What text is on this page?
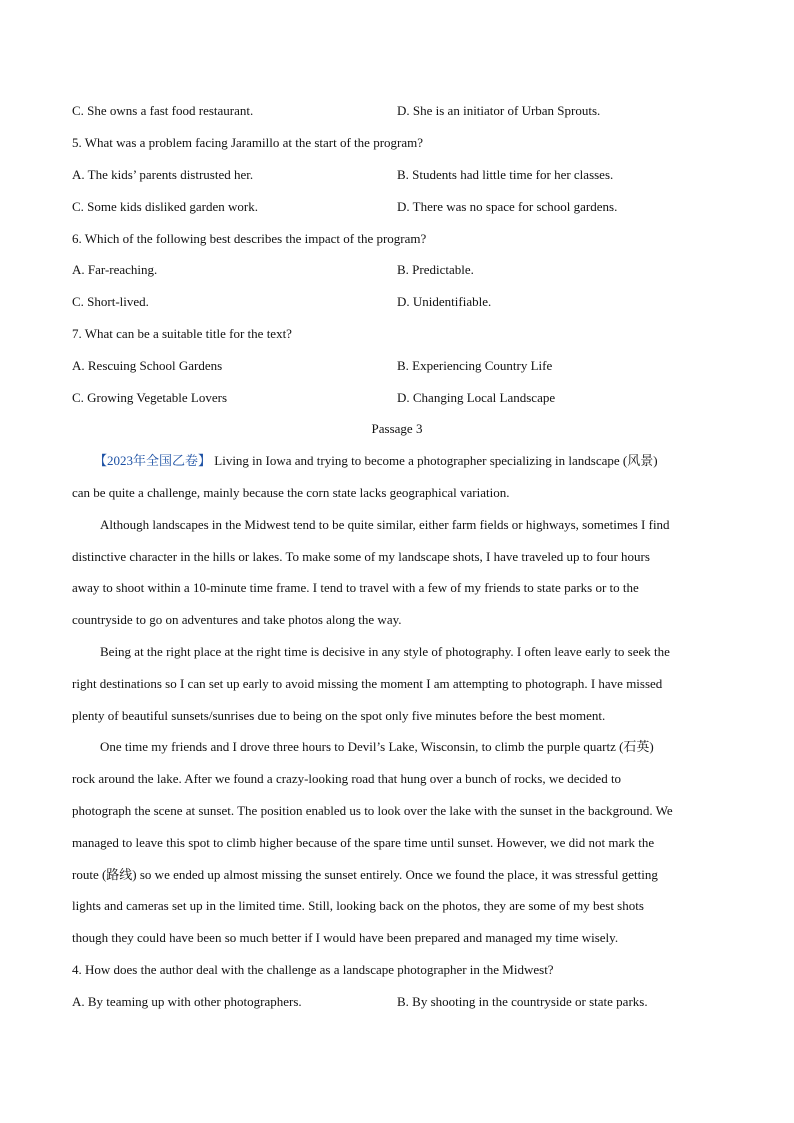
C. She owns a fast food restaurant.	D. She is an initiator of Urban Sprouts.
5. What was a problem facing Jaramillo at the start of the program?
A. The kids’ parents distrusted her.	B. Students had little time for her classes.
C. Some kids disliked garden work.	D. There was no space for school gardens.
6. Which of the following best describes the impact of the program?
A. Far-reaching.	B. Predictable.
C. Short-lived.	D. Unidentifiable.
7. What can be a suitable title for the text?
A. Rescuing School Gardens	B. Experiencing Country Life
C. Growing Vegetable Lovers	D. Changing Local Landscape
Passage 3
【2023年全国乙卷】 Living in Iowa and trying to become a photographer specializing in landscape (风景)
can be quite a challenge, mainly because the corn state lacks geographical variation.
Although landscapes in the Midwest tend to be quite similar, either farm fields or highways, sometimes I find
distinctive character in the hills or lakes. To make some of my landscape shots, I have traveled up to four hours
away to shoot within a 10-minute time frame. I tend to travel with a few of my friends to state parks or to the
countryside to go on adventures and take photos along the way.
Being at the right place at the right time is decisive in any style of photography. I often leave early to seek the
right destinations so I can set up early to avoid missing the moment I am attempting to photograph. I have missed
plenty of beautiful sunsets/sunrises due to being on the spot only five minutes before the best moment.
One time my friends and I drove three hours to Devil’s Lake, Wisconsin, to climb the purple quartz (石英)
rock around the lake. After we found a crazy-looking road that hung over a bunch of rocks, we decided to
photograph the scene at sunset. The position enabled us to look over the lake with the sunset in the background. We
managed to leave this spot to climb higher because of the spare time until sunset. However, we did not mark the
route (路线) so we ended up almost missing the sunset entirely. Once we found the place, it was stressful getting
lights and cameras set up in the limited time. Still, looking back on the photos, they are some of my best shots
though they could have been so much better if I would have been prepared and managed my time wisely.
4. How does the author deal with the challenge as a landscape photographer in the Midwest?
A. By teaming up with other photographers.	B. By shooting in the countryside or state parks.
